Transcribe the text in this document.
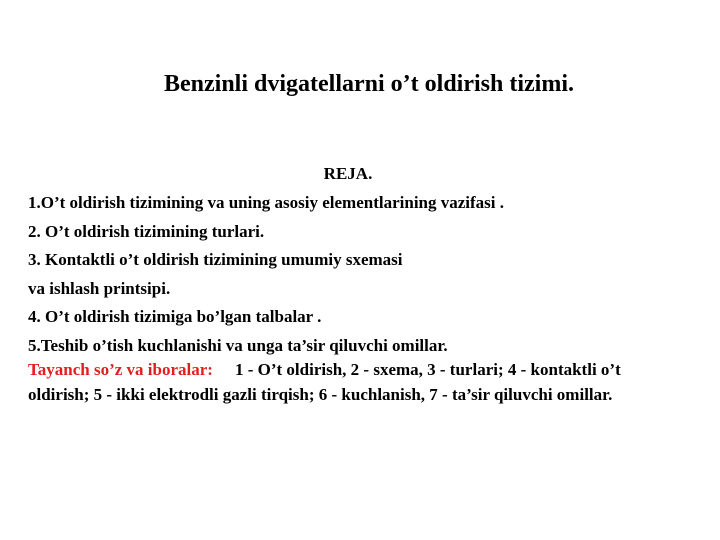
Benzinli dvigatellarni o’t oldirish tizimi.
REJA.
1.O’t oldirish tizimining va uning asosiy elementlarining vazifasi .
2. O’t oldirish tizimining turlari.
3. Kontaktli o’t oldirish tizimining umumiy sxemasi
va ishlash printsipi.
4. O’t oldirish tizimiga bo’lgan talbalar .
5.Teshib o’tish kuchlanishi va unga ta’sir qiluvchi omillar.
Tayanch so’z va iboralar: 1 - O’t oldirish, 2 - sxema, 3 - turlari; 4 - kontaktli o’t oldirish; 5 - ikki elektrodli gazli tirqish; 6 - kuchlanish, 7 - ta’sir qiluvchi omillar.
